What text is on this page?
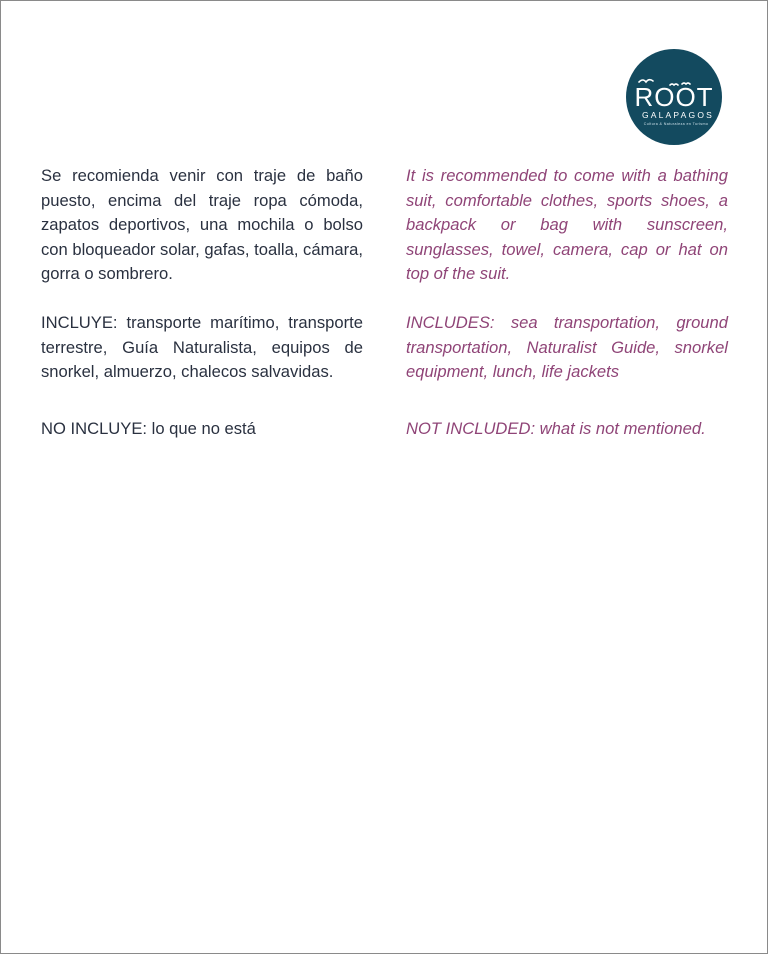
ROOT
GALAPAGOS
Cultura & Naturaleza en Turismo

Se recomienda venir con traje de baño puesto, encima del traje ropa cómoda, zapatos deportivos, una mochila o bolso con bloqueador solar, gafas, toalla, cámara, gorra o sombrero.

INCLUYE: transporte marítimo, transporte terrestre, Guía Naturalista, equipos de snorkel, almuerzo, chalecos salvavidas.

NO INCLUYE: lo que no está

It is recommended to come with a bathing suit, comfortable clothes, sports shoes, a backpack or bag with sunscreen, sunglasses, towel, camera, cap or hat on top of the suit.

INCLUDES: sea transportation, ground transportation, Naturalist Guide, snorkel equipment, lunch, life jackets

NOT INCLUDED: what is not mentioned.
